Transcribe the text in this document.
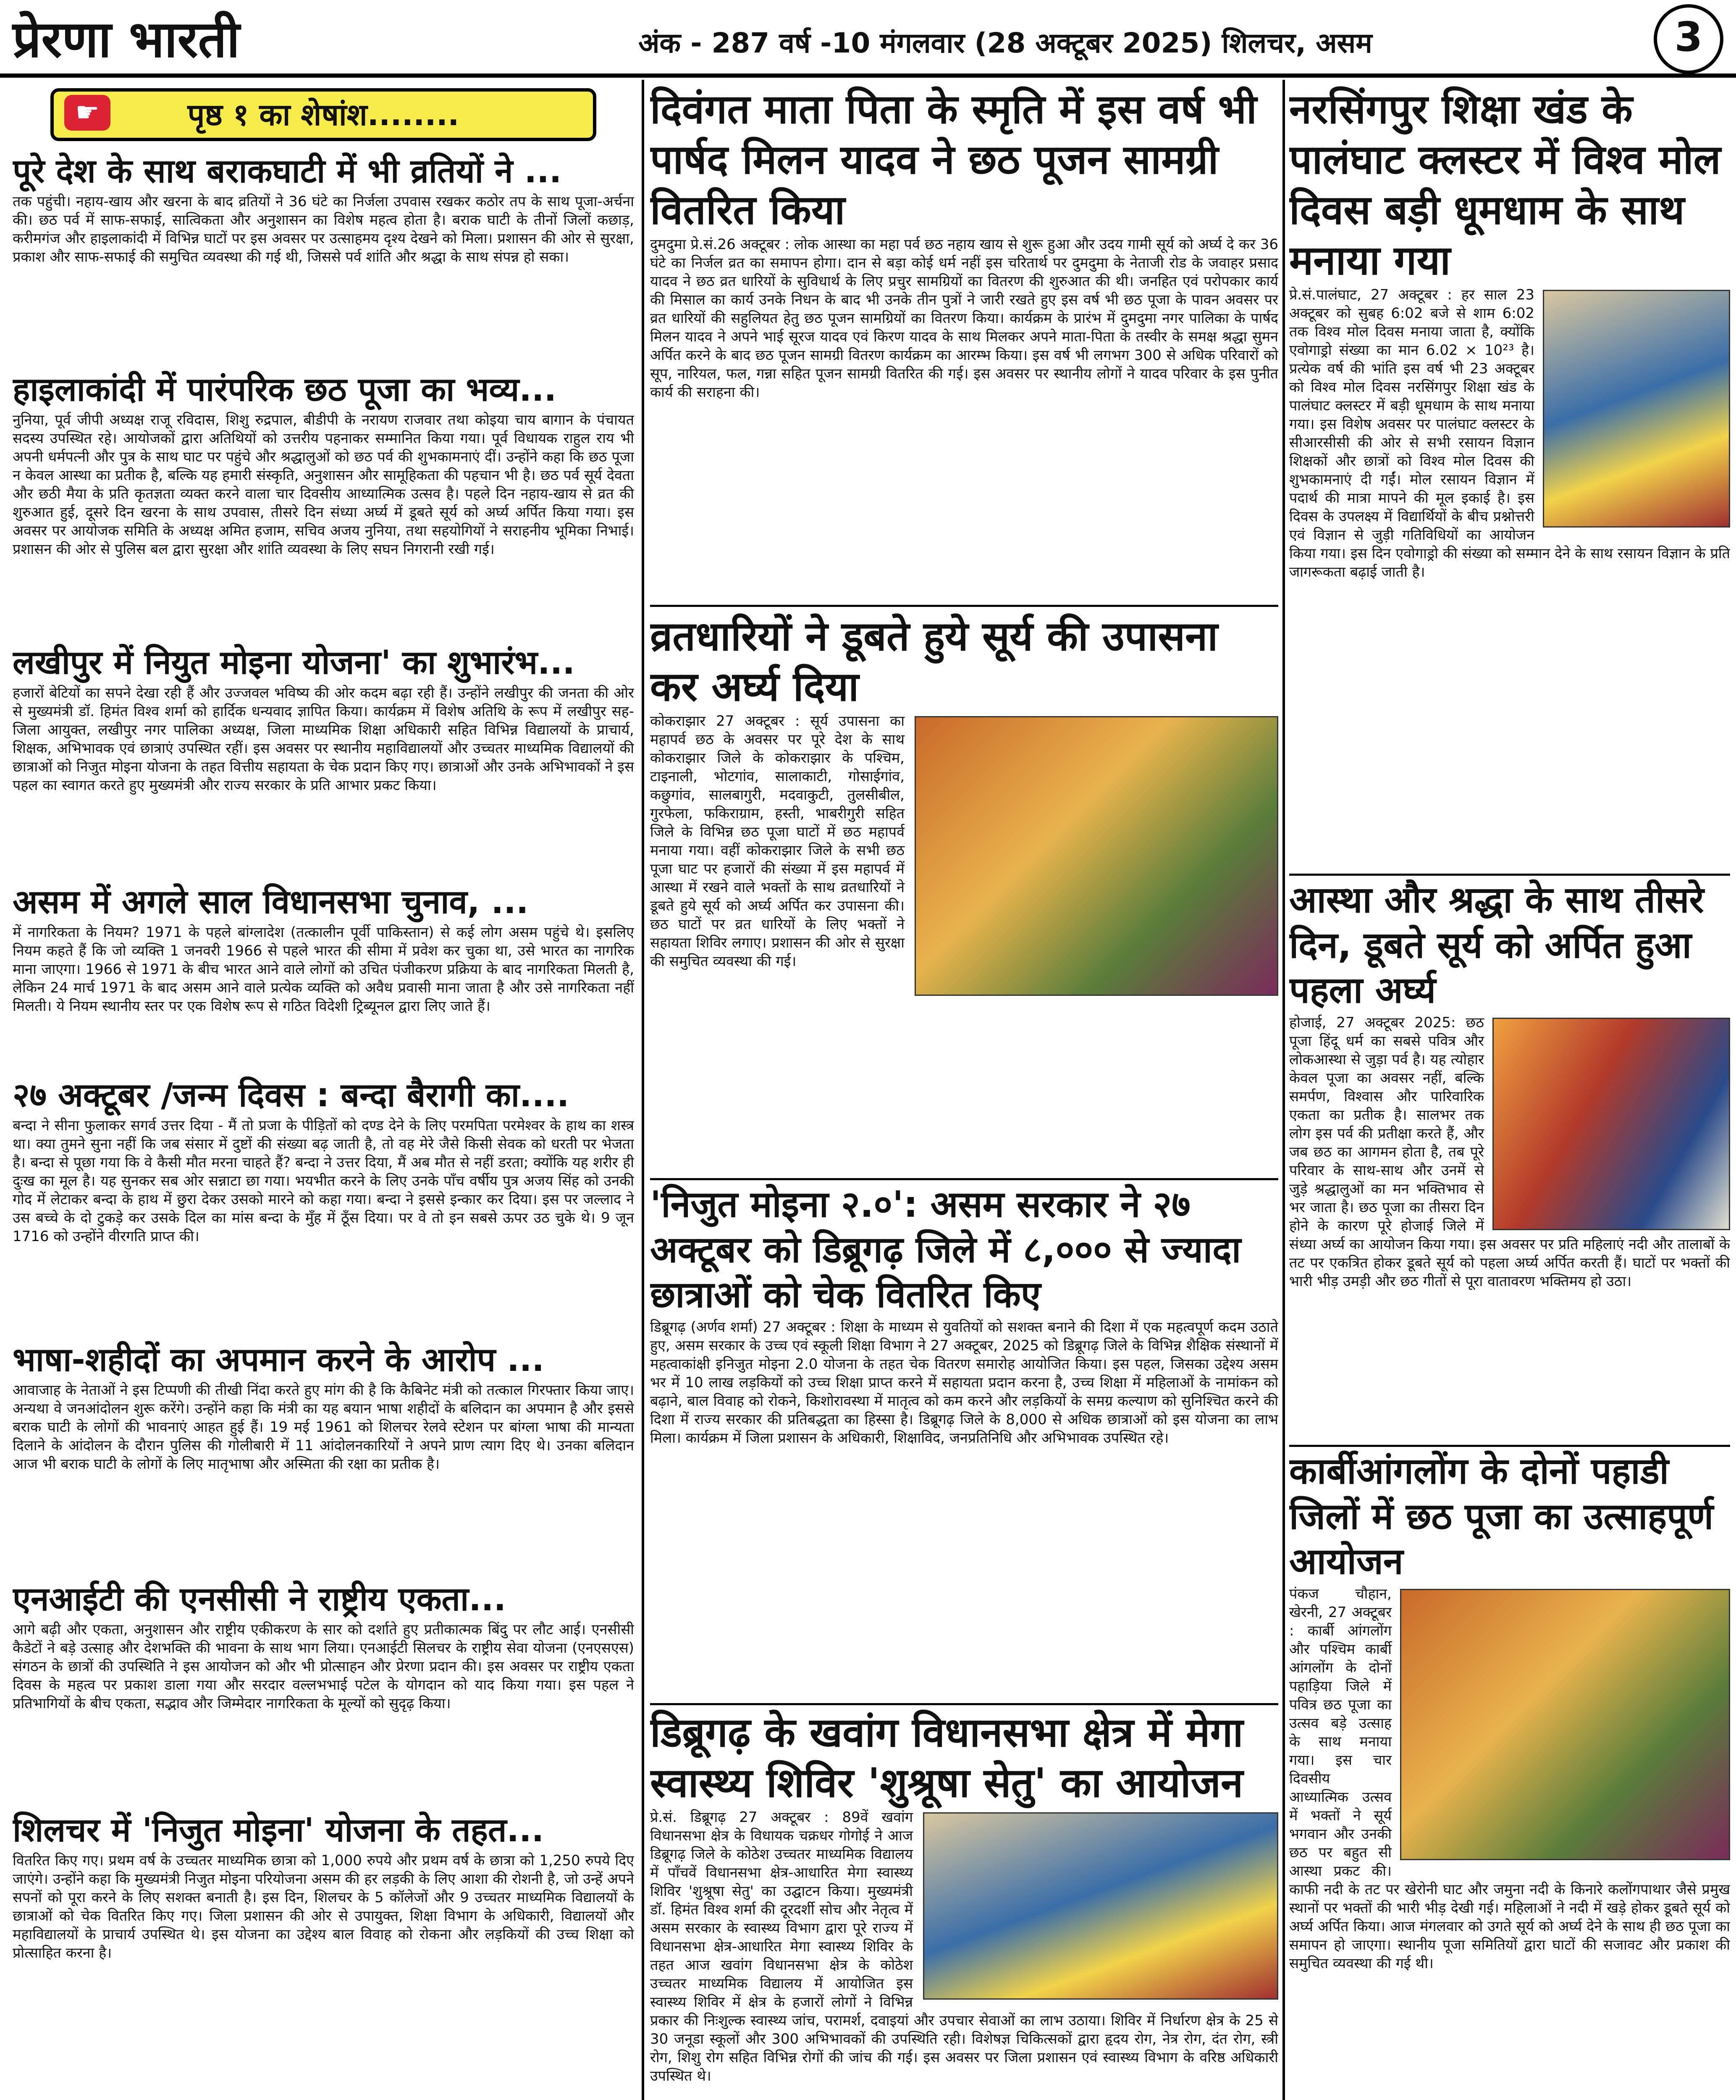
प्रेरणा भारती	अंक - 287 वर्ष -10 मंगलवार (28 अक्टूबर 2025) शिलचर, असम	3
☛	पृष्ठ १ का शेषांश........
पूरे देश के साथ बराकघाटी में भी व्रतियों ने ...
तक पहुंची। नहाय-खाय और खरना के बाद व्रतियों ने 36 घंटे का निर्जला उपवास रखकर कठोर तप के साथ पूजा-अर्चना की। छठ पर्व में साफ-सफाई, सात्विकता और अनुशासन का विशेष महत्व होता है। बराक घाटी के तीनों जिलों कछाड़, करीमगंज और हाइलाकांदी में विभिन्न घाटों पर इस अवसर पर उत्साहमय दृश्य देखने को मिला। प्रशासन की ओर से सुरक्षा, प्रकाश और साफ-सफाई की समुचित व्यवस्था की गई थी, जिससे पर्व शांति और श्रद्धा के साथ संपन्न हो सका।
हाइलाकांदी में पारंपरिक छठ पूजा का भव्य...
नुनिया, पूर्व जीपी अध्यक्ष राजू रविदास, शिशु रुद्रपाल, बीडीपी के नरायण राजवार तथा कोइया चाय बागान के पंचायत सदस्य उपस्थित रहे। आयोजकों द्वारा अतिथियों को उत्तरीय पहनाकर सम्मानित किया गया। पूर्व विधायक राहुल राय भी अपनी धर्मपत्नी और पुत्र के साथ घाट पर पहुंचे और श्रद्धालुओं को छठ पर्व की शुभकामनाएं दीं। उन्होंने कहा कि छठ पूजा न केवल आस्था का प्रतीक है, बल्कि यह हमारी संस्कृति, अनुशासन और सामूहिकता की पहचान भी है। छठ पर्व सूर्य देवता और छठी मैया के प्रति कृतज्ञता व्यक्त करने वाला चार दिवसीय आध्यात्मिक उत्सव है। पहले दिन नहाय-खाय से व्रत की शुरुआत हुई, दूसरे दिन खरना के साथ उपवास, तीसरे दिन संध्या अर्घ्य में डूबते सूर्य को अर्घ्य अर्पित किया गया। इस अवसर पर आयोजक समिति के अध्यक्ष अमित हजाम, सचिव अजय नुनिया, तथा सहयोगियों ने सराहनीय भूमिका निभाई। प्रशासन की ओर से पुलिस बल द्वारा सुरक्षा और शांति व्यवस्था के लिए सघन निगरानी रखी गई।
लखीपुर में नियुत मोइना योजना' का शुभारंभ...
हजारों बेटियों का सपने देखा रही हैं और उज्जवल भविष्य की ओर कदम बढ़ा रही हैं। उन्होंने लखीपुर की जनता की ओर से मुख्यमंत्री डॉ. हिमंत विश्व शर्मा को हार्दिक धन्यवाद ज्ञापित किया। कार्यक्रम में विशेष अतिथि के रूप में लखीपुर सह-जिला आयुक्त, लखीपुर नगर पालिका अध्यक्ष, जिला माध्यमिक शिक्षा अधिकारी सहित विभिन्न विद्यालयों के प्राचार्य, शिक्षक, अभिभावक एवं छात्राएं उपस्थित रहीं। इस अवसर पर स्थानीय महाविद्यालयों और उच्चतर माध्यमिक विद्यालयों की छात्राओं को निजुत मोइना योजना के तहत वित्तीय सहायता के चेक प्रदान किए गए। छात्राओं और उनके अभिभावकों ने इस पहल का स्वागत करते हुए मुख्यमंत्री और राज्य सरकार के प्रति आभार प्रकट किया।
असम में अगले साल विधानसभा चुनाव, ...
में नागरिकता के नियम? 1971 के पहले बांग्लादेश (तत्कालीन पूर्वी पाकिस्तान) से कई लोग असम पहुंचे थे। इसलिए नियम कहते हैं कि जो व्यक्ति 1 जनवरी 1966 से पहले भारत की सीमा में प्रवेश कर चुका था, उसे भारत का नागरिक माना जाएगा। 1966 से 1971 के बीच भारत आने वाले लोगों को उचित पंजीकरण प्रक्रिया के बाद नागरिकता मिलती है, लेकिन 24 मार्च 1971 के बाद असम आने वाले प्रत्येक व्यक्ति को अवैध प्रवासी माना जाता है और उसे नागरिकता नहीं मिलती। ये नियम स्थानीय स्तर पर एक विशेष रूप से गठित विदेशी ट्रिब्यूनल द्वारा लिए जाते हैं।
२७ अक्टूबर /जन्म दिवस : बन्दा बैरागी का....
बन्दा ने सीना फुलाकर सगर्व उत्तर दिया - मैं तो प्रजा के पीड़ितों को दण्ड देने के लिए परमपिता परमेश्वर के हाथ का शस्त्र था। क्या तुमने सुना नहीं कि जब संसार में दुष्टों की संख्या बढ़ जाती है, तो वह मेरे जैसे किसी सेवक को धरती पर भेजता है। बन्दा से पूछा गया कि वे कैसी मौत मरना चाहते हैं? बन्दा ने उत्तर दिया, मैं अब मौत से नहीं डरता; क्योंकि यह शरीर ही दुःख का मूल है। यह सुनकर सब ओर सन्नाटा छा गया। भयभीत करने के लिए उनके पाँच वर्षीय पुत्र अजय सिंह को उनकी गोद में लेटाकर बन्दा के हाथ में छुरा देकर उसको मारने को कहा गया। बन्दा ने इससे इन्कार कर दिया। इस पर जल्लाद ने उस बच्चे के दो टुकड़े कर उसके दिल का मांस बन्दा के मुँह में ठूँस दिया। पर वे तो इन सबसे ऊपर उठ चुके थे। 9 जून 1716 को उन्होंने वीरगति प्राप्त की।
भाषा-शहीदों का अपमान करने के आरोप ...
आवाजाह के नेताओं ने इस टिप्पणी की तीखी निंदा करते हुए मांग की है कि कैबिनेट मंत्री को तत्काल गिरफ्तार किया जाए। अन्यथा वे जनआंदोलन शुरू करेंगे। उन्होंने कहा कि मंत्री का यह बयान भाषा शहीदों के बलिदान का अपमान है और इससे बराक घाटी के लोगों की भावनाएं आहत हुई हैं। 19 मई 1961 को शिलचर रेलवे स्टेशन पर बांग्ला भाषा की मान्यता दिलाने के आंदोलन के दौरान पुलिस की गोलीबारी में 11 आंदोलनकारियों ने अपने प्राण त्याग दिए थे। उनका बलिदान आज भी बराक घाटी के लोगों के लिए मातृभाषा और अस्मिता की रक्षा का प्रतीक है।
एनआईटी की एनसीसी ने राष्ट्रीय एकता...
आगे बढ़ी और एकता, अनुशासन और राष्ट्रीय एकीकरण के सार को दर्शाते हुए प्रतीकात्मक बिंदु पर लौट आई। एनसीसी कैडेटों ने बड़े उत्साह और देशभक्ति की भावना के साथ भाग लिया। एनआईटी सिलचर के राष्ट्रीय सेवा योजना (एनएसएस) संगठन के छात्रों की उपस्थिति ने इस आयोजन को और भी प्रोत्साहन और प्रेरणा प्रदान की। इस अवसर पर राष्ट्रीय एकता दिवस के महत्व पर प्रकाश डाला गया और सरदार वल्लभभाई पटेल के योगदान को याद किया गया। इस पहल ने प्रतिभागियों के बीच एकता, सद्भाव और जिम्मेदार नागरिकता के मूल्यों को सुदृढ़ किया।
शिलचर में 'निजुत मोइना' योजना के तहत...
वितरित किए गए। प्रथम वर्ष के उच्चतर माध्यमिक छात्रा को 1,000 रुपये और प्रथम वर्ष के छात्रा को 1,250 रुपये दिए जाएंगे। उन्होंने कहा कि मुख्यमंत्री निजुत मोइना परियोजना असम की हर लड़की के लिए आशा की रोशनी है, जो उन्हें अपने सपनों को पूरा करने के लिए सशक्त बनाती है। इस दिन, शिलचर के 5 कॉलेजों और 9 उच्चतर माध्यमिक विद्यालयों के छात्राओं को चेक वितरित किए गए। जिला प्रशासन की ओर से उपायुक्त, शिक्षा विभाग के अधिकारी, विद्यालयों और महाविद्यालयों के प्राचार्य उपस्थित थे। इस योजना का उद्देश्य बाल विवाह को रोकना और लड़कियों की उच्च शिक्षा को प्रोत्साहित करना है।
दिवंगत माता पिता के स्मृति में इस वर्ष भी पार्षद मिलन यादव ने छठ पूजन सामग्री वितरित किया
दुमदुमा प्रे.सं.26 अक्टूबर : लोक आस्था का महा पर्व छठ नहाय खाय से शुरू हुआ और उदय गामी सूर्य को अर्घ्य दे कर 36 घंटे का निर्जल व्रत का समापन होगा। दान से बड़ा कोई धर्म नहीं इस चरितार्थ पर दुमदुमा के नेताजी रोड के जवाहर प्रसाद यादव ने छठ व्रत धारियों के सुविधार्थ के लिए प्रचुर सामग्रियों का वितरण की शुरुआत की थी। जनहित एवं परोपकार कार्य की मिसाल का कार्य उनके निधन के बाद भी उनके तीन पुत्रों ने जारी रखते हुए इस वर्ष भी छठ पूजा के पावन अवसर पर व्रत धारियों की सहुलियत हेतु छठ पूजन सामग्रियों का वितरण किया। कार्यक्रम के प्रारंभ में दुमदुमा नगर पालिका के पार्षद मिलन यादव ने अपने भाई सूरज यादव एवं किरण यादव के साथ मिलकर अपने माता-पिता के तस्वीर के समक्ष श्रद्धा सुमन अर्पित करने के बाद छठ पूजन सामग्री वितरण कार्यक्रम का आरम्भ किया। इस वर्ष भी लगभग 300 से अधिक परिवारों को सूप, नारियल, फल, गन्ना सहित पूजन सामग्री वितरित की गई। इस अवसर पर स्थानीय लोगों ने यादव परिवार के इस पुनीत कार्य की सराहना की।
व्रतधारियों ने डूबते हुये सूर्य की उपासना कर अर्घ्य दिया
कोकराझार 27 अक्टूबर : सूर्य उपासना का महापर्व छठ के अवसर पर पूरे देश के साथ कोकराझार जिले के कोकराझार के पश्चिम, टाइनाली, भोटगांव, सालाकाटी, गोसाईगांव, कछुगांव, सालबागुरी, मदवाकुटी, तुलसीबील, गुरफेला, फकिराग्राम, हस्ती, भाबरीगुरी सहित जिले के विभिन्न छठ पूजा घाटों में छठ महापर्व मनाया गया। वहीं कोकराझार जिले के सभी छठ पूजा घाट पर हजारों की संख्या में इस महापर्व में आस्था में रखने वाले भक्तों के साथ व्रतधारियों ने डूबते हुये सूर्य को अर्घ्य अर्पित कर उपासना की। छठ घाटों पर व्रत धारियों के लिए भक्तों ने सहायता शिविर लगाए। प्रशासन की ओर से सुरक्षा की समुचित व्यवस्था की गई।
'निजुत मोइना २.०': असम सरकार ने २७ अक्टूबर को डिब्रूगढ़ जिले में ८,००० से ज्यादा छात्राओं को चेक वितरित किए
डिब्रूगढ़ (अर्णव शर्मा) 27 अक्टूबर : शिक्षा के माध्यम से युवतियों को सशक्त बनाने की दिशा में एक महत्वपूर्ण कदम उठाते हुए, असम सरकार के उच्च एवं स्कूली शिक्षा विभाग ने 27 अक्टूबर, 2025 को डिब्रूगढ़ जिले के विभिन्न शैक्षिक संस्थानों में महत्वाकांक्षी इनिजुत मोइना 2.0 योजना के तहत चेक वितरण समारोह आयोजित किया। इस पहल, जिसका उद्देश्य असम भर में 10 लाख लड़कियों को उच्च शिक्षा प्राप्त करने में सहायता प्रदान करना है, उच्च शिक्षा में महिलाओं के नामांकन को बढ़ाने, बाल विवाह को रोकने, किशोरावस्था में मातृत्व को कम करने और लड़कियों के समग्र कल्याण को सुनिश्चित करने की दिशा में राज्य सरकार की प्रतिबद्धता का हिस्सा है। डिब्रूगढ़ जिले के 8,000 से अधिक छात्राओं को इस योजना का लाभ मिला। कार्यक्रम में जिला प्रशासन के अधिकारी, शिक्षाविद, जनप्रतिनिधि और अभिभावक उपस्थित रहे।
डिब्रूगढ़ के खवांग विधानसभा क्षेत्र में मेगा स्वास्थ्य शिविर 'शुश्रूषा सेतु' का आयोजन
प्रे.सं. डिब्रूगढ़ 27 अक्टूबर : 89वें खवांग विधानसभा क्षेत्र के विधायक चक्रधर गोगोई ने आज डिब्रूगढ़ जिले के कोठेश उच्चतर माध्यमिक विद्यालय में पाँचवें विधानसभा क्षेत्र-आधारित मेगा स्वास्थ्य शिविर 'शुश्रूषा सेतु' का उद्घाटन किया। मुख्यमंत्री डॉ. हिमंत विश्व शर्मा की दूरदर्शी सोच और नेतृत्व में असम सरकार के स्वास्थ्य विभाग द्वारा पूरे राज्य में विधानसभा क्षेत्र-आधारित मेगा स्वास्थ्य शिविर के तहत आज खवांग विधानसभा क्षेत्र के कोठेश उच्चतर माध्यमिक विद्यालय में आयोजित इस स्वास्थ्य शिविर में क्षेत्र के हजारों लोगों ने विभिन्न प्रकार की निःशुल्क स्वास्थ्य जांच, परामर्श, दवाइयां और उपचार सेवाओं का लाभ उठाया। शिविर में निर्धारण क्षेत्र के 25 से 30 जनूडा स्कूलों और 300 अभिभावकों की उपस्थिति रही। विशेषज्ञ चिकित्सकों द्वारा हृदय रोग, नेत्र रोग, दंत रोग, स्त्री रोग, शिशु रोग सहित विभिन्न रोगों की जांच की गई। इस अवसर पर जिला प्रशासन एवं स्वास्थ्य विभाग के वरिष्ठ अधिकारी उपस्थित थे।
नरसिंगपुर शिक्षा खंड के पालंघाट क्लस्टर में विश्व मोल दिवस बड़ी धूमधाम के साथ मनाया गया
प्रे.सं.पालंघाट, 27 अक्टूबर : हर साल 23 अक्टूबर को सुबह 6:02 बजे से शाम 6:02 तक विश्व मोल दिवस मनाया जाता है, क्योंकि एवोगाड्रो संख्या का मान 6.02 × 10²³ है। प्रत्येक वर्ष की भांति इस वर्ष भी 23 अक्टूबर को विश्व मोल दिवस नरसिंगपुर शिक्षा खंड के पालंघाट क्लस्टर में बड़ी धूमधाम के साथ मनाया गया। इस विशेष अवसर पर पालंघाट क्लस्टर के सीआरसीसी की ओर से सभी रसायन विज्ञान शिक्षकों और छात्रों को विश्व मोल दिवस की शुभकामनाएं दी गईं। मोल रसायन विज्ञान में पदार्थ की मात्रा मापने की मूल इकाई है। इस दिवस के उपलक्ष्य में विद्यार्थियों के बीच प्रश्नोत्तरी एवं विज्ञान से जुड़ी गतिविधियों का आयोजन किया गया। इस दिन एवोगाड्रो की संख्या को सम्मान देने के साथ रसायन विज्ञान के प्रति जागरूकता बढ़ाई जाती है।
आस्था और श्रद्धा के साथ तीसरे दिन, डूबते सूर्य को अर्पित हुआ पहला अर्घ्य
होजाई, 27 अक्टूबर 2025: छठ पूजा हिंदू धर्म का सबसे पवित्र और लोकआस्था से जुड़ा पर्व है। यह त्योहार केवल पूजा का अवसर नहीं, बल्कि समर्पण, विश्वास और पारिवारिक एकता का प्रतीक है। सालभर तक लोग इस पर्व की प्रतीक्षा करते हैं, और जब छठ का आगमन होता है, तब पूरे परिवार के साथ-साथ और उनमें से जुड़े श्रद्धालुओं का मन भक्तिभाव से भर जाता है। छठ पूजा का तीसरा दिन होने के कारण पूरे होजाई जिले में संध्या अर्घ्य का आयोजन किया गया। इस अवसर पर प्रति महिलाएं नदी और तालाबों के तट पर एकत्रित होकर डूबते सूर्य को पहला अर्घ्य अर्पित करती हैं। घाटों पर भक्तों की भारी भीड़ उमड़ी और छठ गीतों से पूरा वातावरण भक्तिमय हो उठा।
कार्बीआंगलोंग के दोनों पहाडी जिलों में छठ पूजा का उत्साहपूर्ण आयोजन
पंकज चौहान, खेरनी, 27 अक्टूबर : कार्बी आंगलोंग और पश्चिम कार्बी आंगलोंग के दोनों पहाड़िया जिले में पवित्र छठ पूजा का उत्सव बड़े उत्साह के साथ मनाया गया। इस चार दिवसीय आध्यात्मिक उत्सव में भक्तों ने सूर्य भगवान और उनकी छठ पर बहुत सी आस्था प्रकट की। काफी नदी के तट पर खेरोनी घाट और जमुना नदी के किनारे कलोंगपाथार जैसे प्रमुख स्थानों पर भक्तों की भारी भीड़ देखी गई। महिलाओं ने नदी में खड़े होकर डूबते सूर्य को अर्घ्य अर्पित किया। आज मंगलवार को उगते सूर्य को अर्घ्य देने के साथ ही छठ पूजा का समापन हो जाएगा। स्थानीय पूजा समितियों द्वारा घाटों की सजावट और प्रकाश की समुचित व्यवस्था की गई थी।
